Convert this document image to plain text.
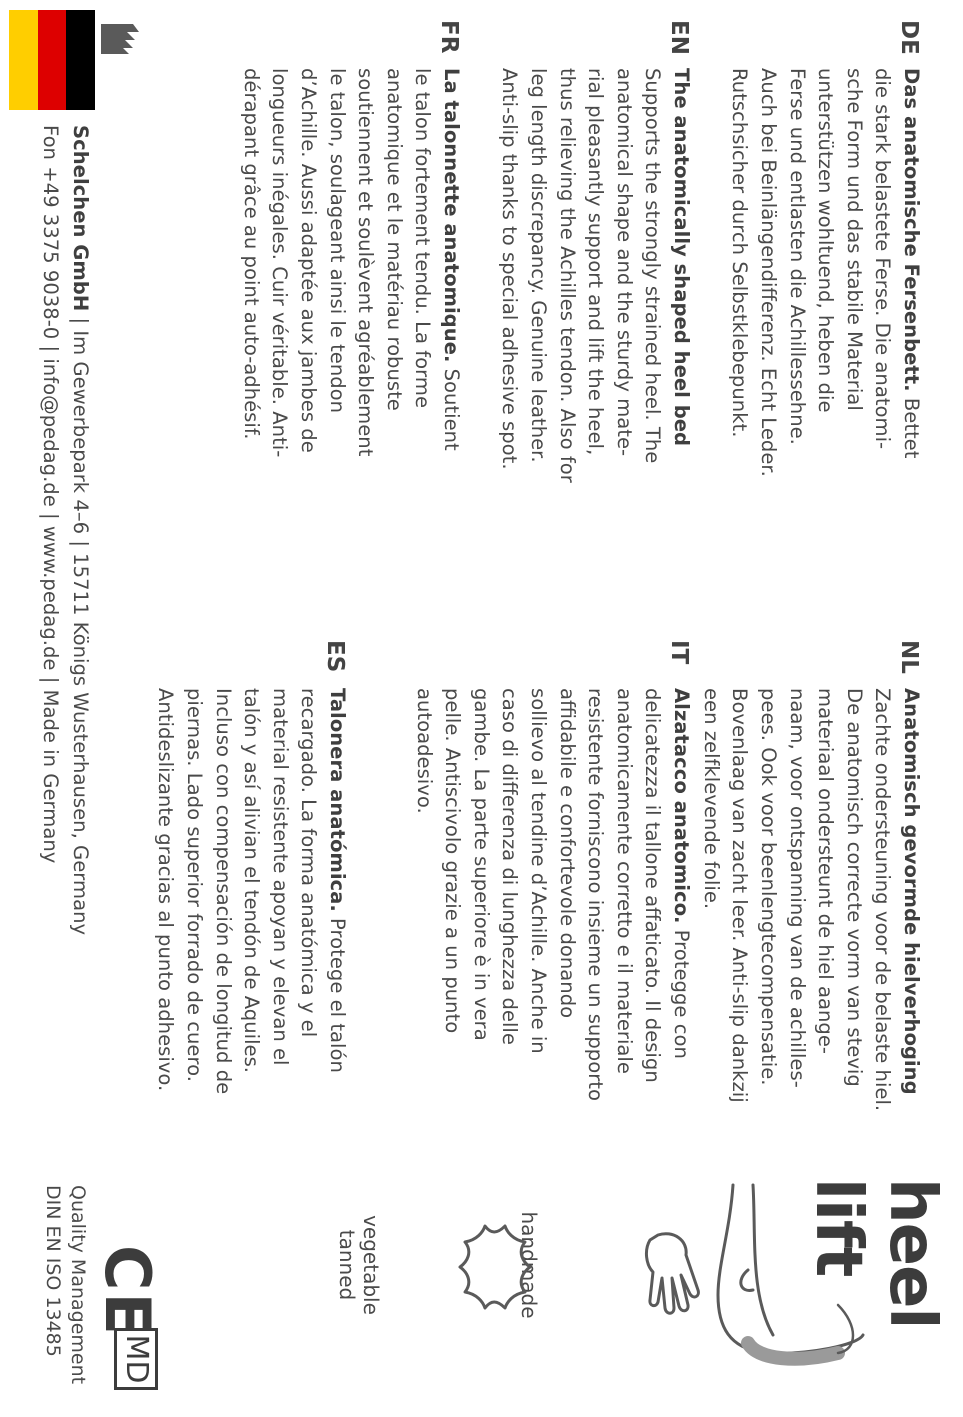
DE
Das anatomische Fersenbett. Bettet
die stark belastete Ferse. Die anatomi-
sche Form und das stabile Material
unterstützen wohltuend, heben die
Ferse und entlasten die Achillessehne.
Auch bei Beinlängendifferenz. Echt Leder.
Rutschsicher durch Selbstklebepunkt.
EN
The anatomically shaped heel bed
Supports the strongly strained heel. The
anatomical shape and the sturdy mate-
rial pleasantly support and lift the heel,
thus relieving the Achilles tendon. Also for
leg length discrepancy. Genuine leather.
Anti-slip thanks to special adhesive spot.
FR
La talonnette anatomique. Soutient
le talon fortement tendu. La forme
anatomique et le matériau robuste
soutiennent et soulèvent agréablement
le talon, soulageant ainsi le tendon
d’Achille. Aussi adaptée aux jambes de
longueurs inégales. Cuir véritable. Anti-
dérapant grâce au point auto-adhésif.
NL
Anatomisch gevormde hielverhoging
Zachte ondersteuning voor de belaste hiel.
De anatomisch correcte vorm van stevig
materiaal ondersteunt de hiel aange-
naam, voor ontspanning van de achilles-
pees. Ook voor beenlengtecompensatie.
Bovenlaag van zacht leer. Anti-slip dankzij
een zelfklevende folie.
IT
Alzatacco anatomico. Protegge con
delicatezza il tallone affaticato. Il design
anatomicamente corretto e il materiale
resistente forniscono insieme un supporto
affidabile e confortevole donando
sollievo al tendine d’Achille. Anche in
caso di differenza di lunghezza delle
gambe. La parte superiore è in vera
pelle. Antiscivolo grazie a un punto
autoadesivo.
ES
Talonera anatómica. Protege el talón
recargado. La forma anatómica y el
material resistente apoyan y elevan el
talón y así alivian el tendón de Aquiles.
Incluso con compensación de longitud de
piernas. Lado superior forrado de cuero.
Antideslizante gracias al punto adhesivo.
heel lift
handmade
vegetable
tanned
CE
MD
Quality Management
DIN EN ISO 13485
Schelchen GmbH | Im Gewerbepark 4–6 | 15711 Königs Wusterhausen, Germany
Fon +49 3375 9038-0 | info@pedag.de | www.pedag.de | Made in Germany
